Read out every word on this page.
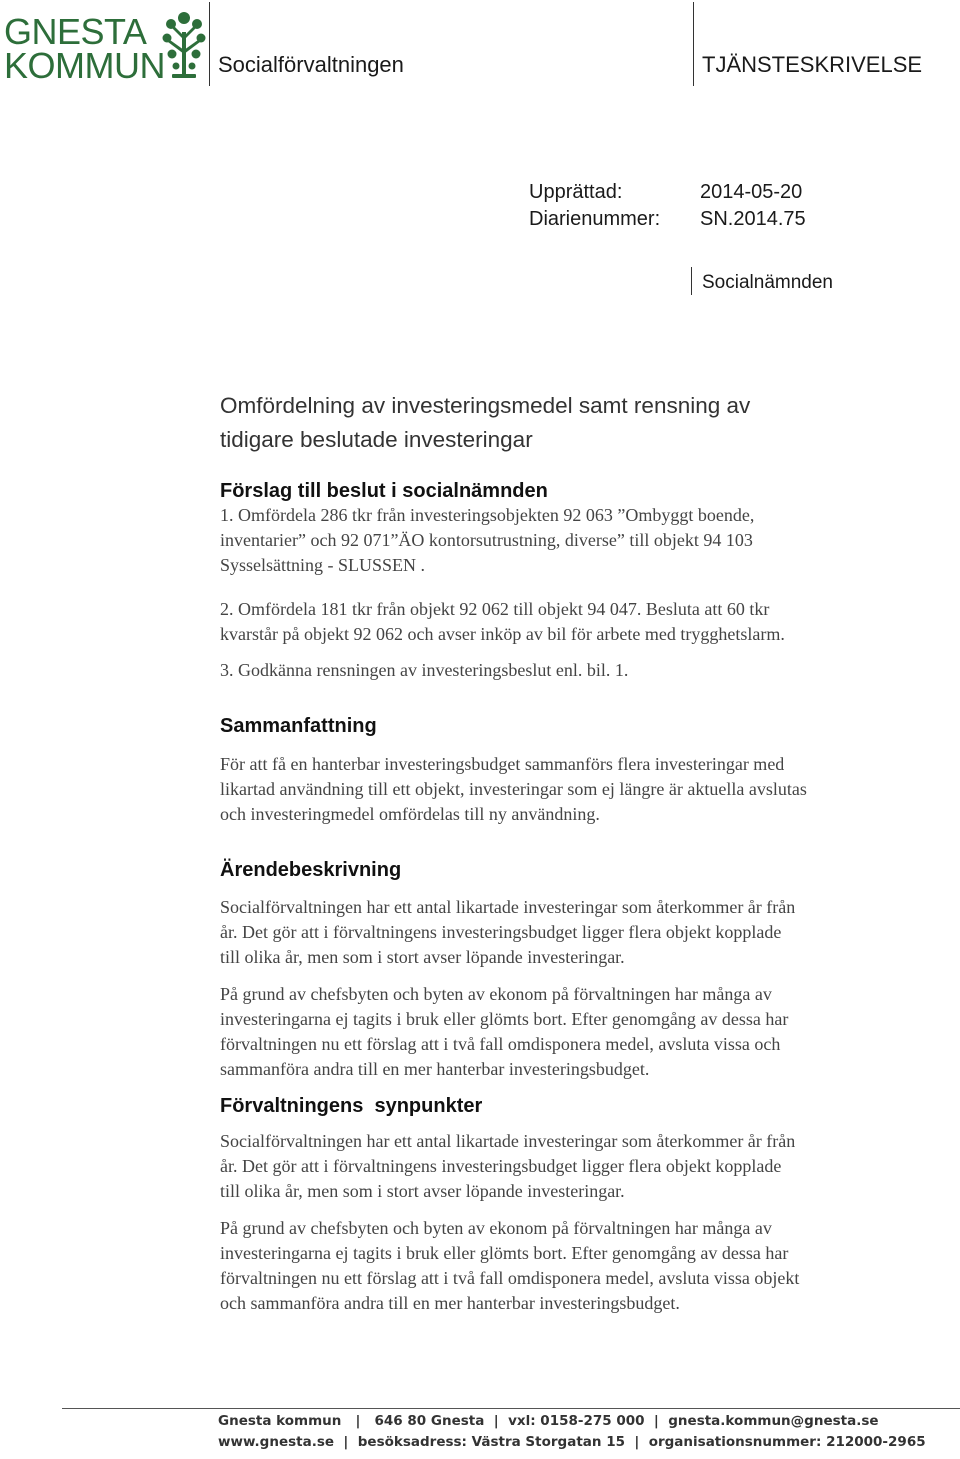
GNESTA
KOMMUN Socialförvaltningen	TJÄNSTESKRIVELSE
Upprättad:	2014-05-20
Diarienummer: SN.2014.75
Socialnämnden
Omfördelning av investeringsmedel samt rensning av
tidigare beslutade investeringar
Förslag till beslut i socialnämnden
1. Omfördela 286 tkr från investeringsobjekten 92 063 ”Ombyggt boende,
inventarier” och 92 071”ÄO kontorsutrustning, diverse” till objekt 94 103
Sysselsättning - SLUSSEN .
2. Omfördela 181 tkr från objekt 92 062 till objekt 94 047. Besluta att 60 tkr
kvarstår på objekt 92 062 och avser inköp av bil för arbete med trygghetslarm.
3. Godkänna rensningen av investeringsbeslut enl. bil. 1.
Sammanfattning
För att få en hanterbar investeringsbudget sammanförs flera investeringar med
likartad användning till ett objekt, investeringar som ej längre är aktuella avslutas
och investeringmedel omfördelas till ny användning.
Ärendebeskrivning
Socialförvaltningen har ett antal likartade investeringar som återkommer år från
år. Det gör att i förvaltningens investeringsbudget ligger flera objekt kopplade
till olika år, men som i stort avser löpande investeringar.
På grund av chefsbyten och byten av ekonom på förvaltningen har många av
investeringarna ej tagits i bruk eller glömts bort. Efter genomgång av dessa har
förvaltningen nu ett förslag att i två fall omdisponera medel, avsluta vissa och
sammanföra andra till en mer hanterbar investeringsbudget.
Förvaltningens  synpunkter
Socialförvaltningen har ett antal likartade investeringar som återkommer år från
år. Det gör att i förvaltningens investeringsbudget ligger flera objekt kopplade
till olika år, men som i stort avser löpande investeringar.
På grund av chefsbyten och byten av ekonom på förvaltningen har många av
investeringarna ej tagits i bruk eller glömts bort. Efter genomgång av dessa har
förvaltningen nu ett förslag att i två fall omdisponera medel, avsluta vissa objekt
och sammanföra andra till en mer hanterbar investeringsbudget.
Gnesta kommun   |   646 80 Gnesta  |  vxl: 0158-275 000  |  gnesta.kommun@gnesta.se
www.gnesta.se  |  besöksadress: Västra Storgatan 15  |  organisationsnummer: 212000-2965
